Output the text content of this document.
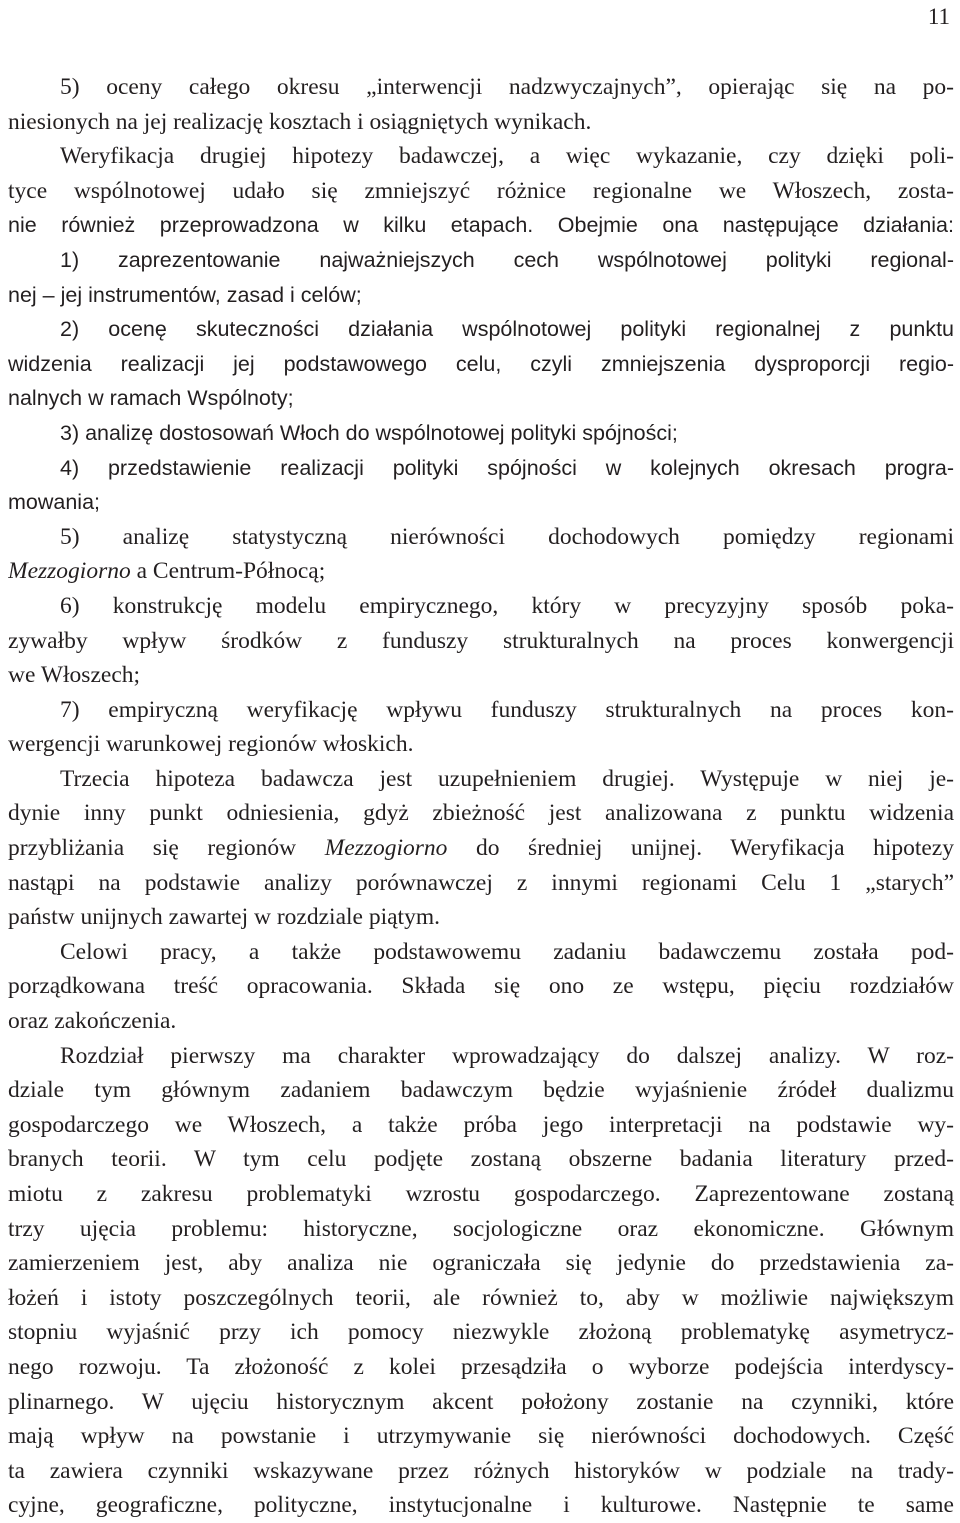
11
5) oceny całego okresu „interwencji nadzwyczajnych”, opierając się na po-
niesionych na jej realizację kosztach i osiągniętych wynikach.
Weryfikacja drugiej hipotezy badawczej, a więc wykazanie, czy dzięki poli-
tyce wspólnotowej udało się zmniejszyć różnice regionalne we Włoszech, zosta-
nie również przeprowadzona w kilku etapach. Obejmie ona następujące działania:
1) zaprezentowanie najważniejszych cech wspólnotowej polityki regional-
nej – jej instrumentów, zasad i celów;
2) ocenę skuteczności działania wspólnotowej polityki regionalnej z punktu
widzenia realizacji jej podstawowego celu, czyli zmniejszenia dysproporcji regio-
nalnych w ramach Wspólnoty;
3) analizę dostosowań Włoch do wspólnotowej polityki spójności;
4) przedstawienie realizacji polityki spójności w kolejnych okresach progra-
mowania;
5) analizę statystyczną nierówności dochodowych pomiędzy regionami
Mezzogiorno a Centrum-Północą;
6) konstrukcję modelu empirycznego, który w precyzyjny sposób poka-
zywałby wpływ środków z funduszy strukturalnych na proces konwergencji
we Włoszech;
7) empiryczną weryfikację wpływu funduszy strukturalnych na proces kon-
wergencji warunkowej regionów włoskich.
Trzecia hipoteza badawcza jest uzupełnieniem drugiej. Występuje w niej je-
dynie inny punkt odniesienia, gdyż zbieżność jest analizowana z punktu widzenia
przybliżania się regionów Mezzogiorno do średniej unijnej. Weryfikacja hipotezy
nastąpi na podstawie analizy porównawczej z innymi regionami Celu 1 „starych”
państw unijnych zawartej w rozdziale piątym.
Celowi pracy, a także podstawowemu zadaniu badawczemu została pod-
porządkowana treść opracowania. Składa się ono ze wstępu, pięciu rozdziałów
oraz zakończenia.
Rozdział pierwszy ma charakter wprowadzający do dalszej analizy. W roz-
dziale tym głównym zadaniem badawczym będzie wyjaśnienie źródeł dualizmu
gospodarczego we Włoszech, a także próba jego interpretacji na podstawie wy-
branych teorii. W tym celu podjęte zostaną obszerne badania literatury przed-
miotu z zakresu problematyki wzrostu gospodarczego. Zaprezentowane zostaną
trzy ujęcia problemu: historyczne, socjologiczne oraz ekonomiczne. Głównym
zamierzeniem jest, aby analiza nie ograniczała się jedynie do przedstawienia za-
łożeń i istoty poszczególnych teorii, ale również to, aby w możliwie największym
stopniu wyjaśnić przy ich pomocy niezwykle złożoną problematykę asymetrycz-
nego rozwoju. Ta złożoność z kolei przesądziła o wyborze podejścia interdyscy-
plinarnego. W ujęciu historycznym akcent położony zostanie na czynniki, które
mają wpływ na powstanie i utrzymywanie się nierówności dochodowych. Część
ta zawiera czynniki wskazywane przez różnych historyków w podziale na trady-
cyjne, geograficzne, polityczne, instytucjonalne i kulturowe. Następnie te same
